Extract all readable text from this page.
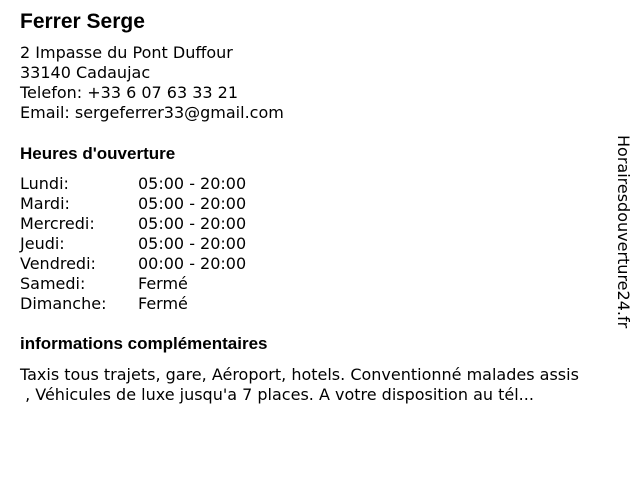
Ferrer Serge
2 Impasse du Pont Duffour
33140 Cadaujac
Telefon: +33 6 07 63 33 21
Email: sergeferrer33@gmail.com
Heures d'ouverture
Lundi:	05:00 - 20:00
Mardi:	05:00 - 20:00
Mercredi:	05:00 - 20:00
Jeudi:	05:00 - 20:00
Vendredi:	00:00 - 20:00
Samedi:	Fermé
Dimanche: Fermé
informations complémentaires
Taxis tous trajets, gare, Aéroport, hotels. Conventionné malades assis
, Véhicules de luxe jusqu'a 7 places. A votre disposition au tél...
Horairesdouverture24.fr
